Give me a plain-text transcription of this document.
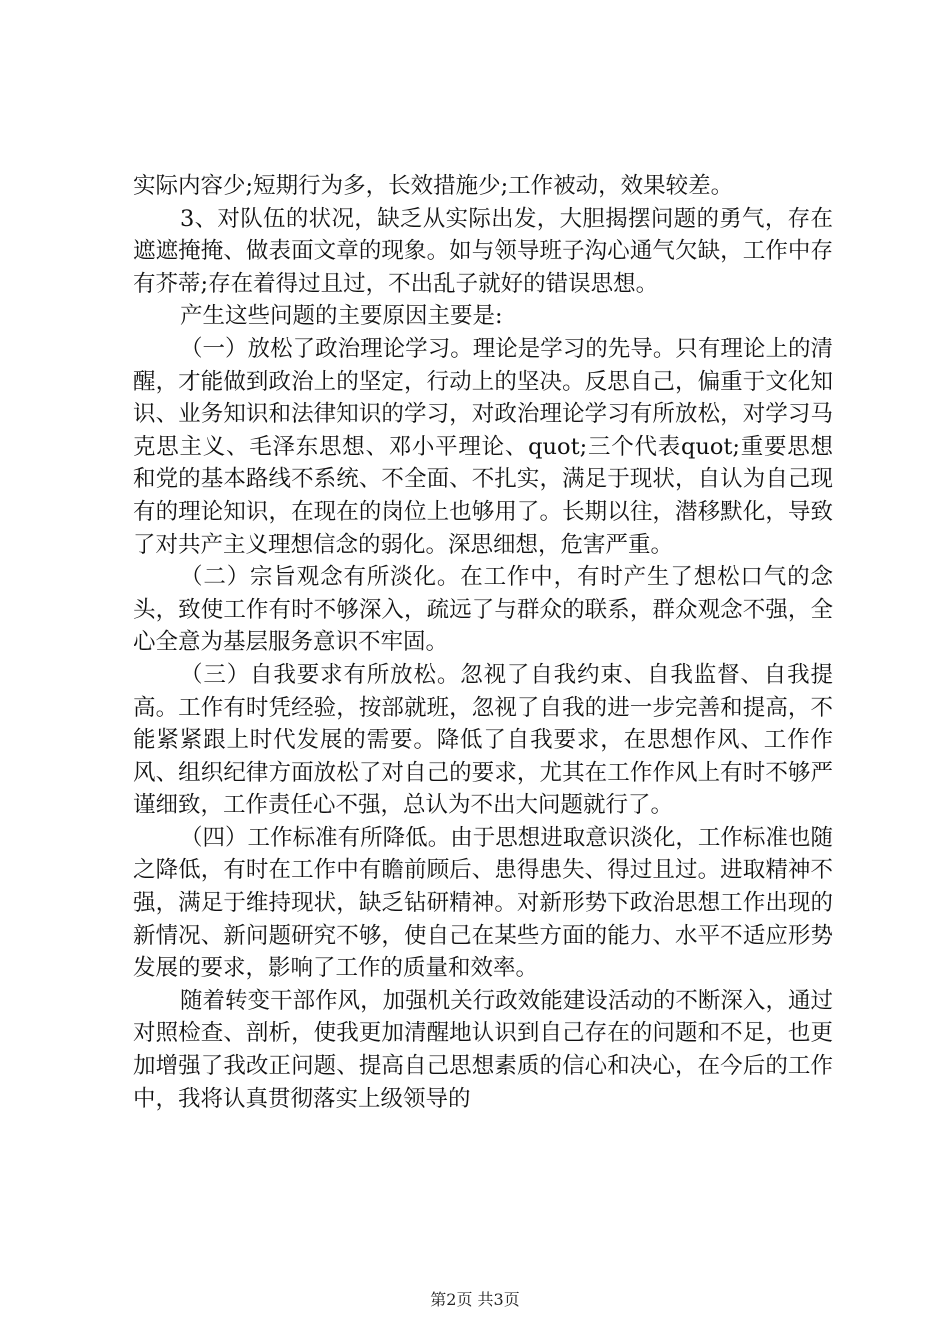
实际内容少;短期行为多，长效措施少;工作被动，效果较差。

3、对队伍的状况，缺乏从实际出发，大胆揭摆问题的勇气，存在遮遮掩掩、做表面文章的现象。如与领导班子沟心通气欠缺，工作中存有芥蒂;存在着得过且过，不出乱子就好的错误思想。

产生这些问题的主要原因主要是:

（一）放松了政治理论学习。理论是学习的先导。只有理论上的清醒，才能做到政治上的坚定，行动上的坚决。反思自己，偏重于文化知识、业务知识和法律知识的学习，对政治理论学习有所放松，对学习马克思主义、毛泽东思想、邓小平理论、quot;三个代表quot;重要思想和党的基本路线不系统、不全面、不扎实，满足于现状，自认为自己现有的理论知识，在现在的岗位上也够用了。长期以往，潜移默化，导致了对共产主义理想信念的弱化。深思细想，危害严重。

（二）宗旨观念有所淡化。在工作中，有时产生了想松口气的念头，致使工作有时不够深入，疏远了与群众的联系，群众观念不强，全心全意为基层服务意识不牢固。

（三）自我要求有所放松。忽视了自我约束、自我监督、自我提高。工作有时凭经验，按部就班，忽视了自我的进一步完善和提高，不能紧紧跟上时代发展的需要。降低了自我要求，在思想作风、工作作风、组织纪律方面放松了对自己的要求，尤其在工作作风上有时不够严谨细致，工作责任心不强，总认为不出大问题就行了。

（四）工作标准有所降低。由于思想进取意识淡化，工作标准也随之降低，有时在工作中有瞻前顾后、患得患失、得过且过。进取精神不强，满足于维持现状，缺乏钻研精神。对新形势下政治思想工作出现的新情况、新问题研究不够，使自己在某些方面的能力、水平不适应形势发展的要求，影响了工作的质量和效率。

随着转变干部作风，加强机关行政效能建设活动的不断深入，通过对照检查、剖析，使我更加清醒地认识到自己存在的问题和不足，也更加增强了我改正问题、提高自己思想素质的信心和决心，在今后的工作中，我将认真贯彻落实上级领导的

第2页 共3页
